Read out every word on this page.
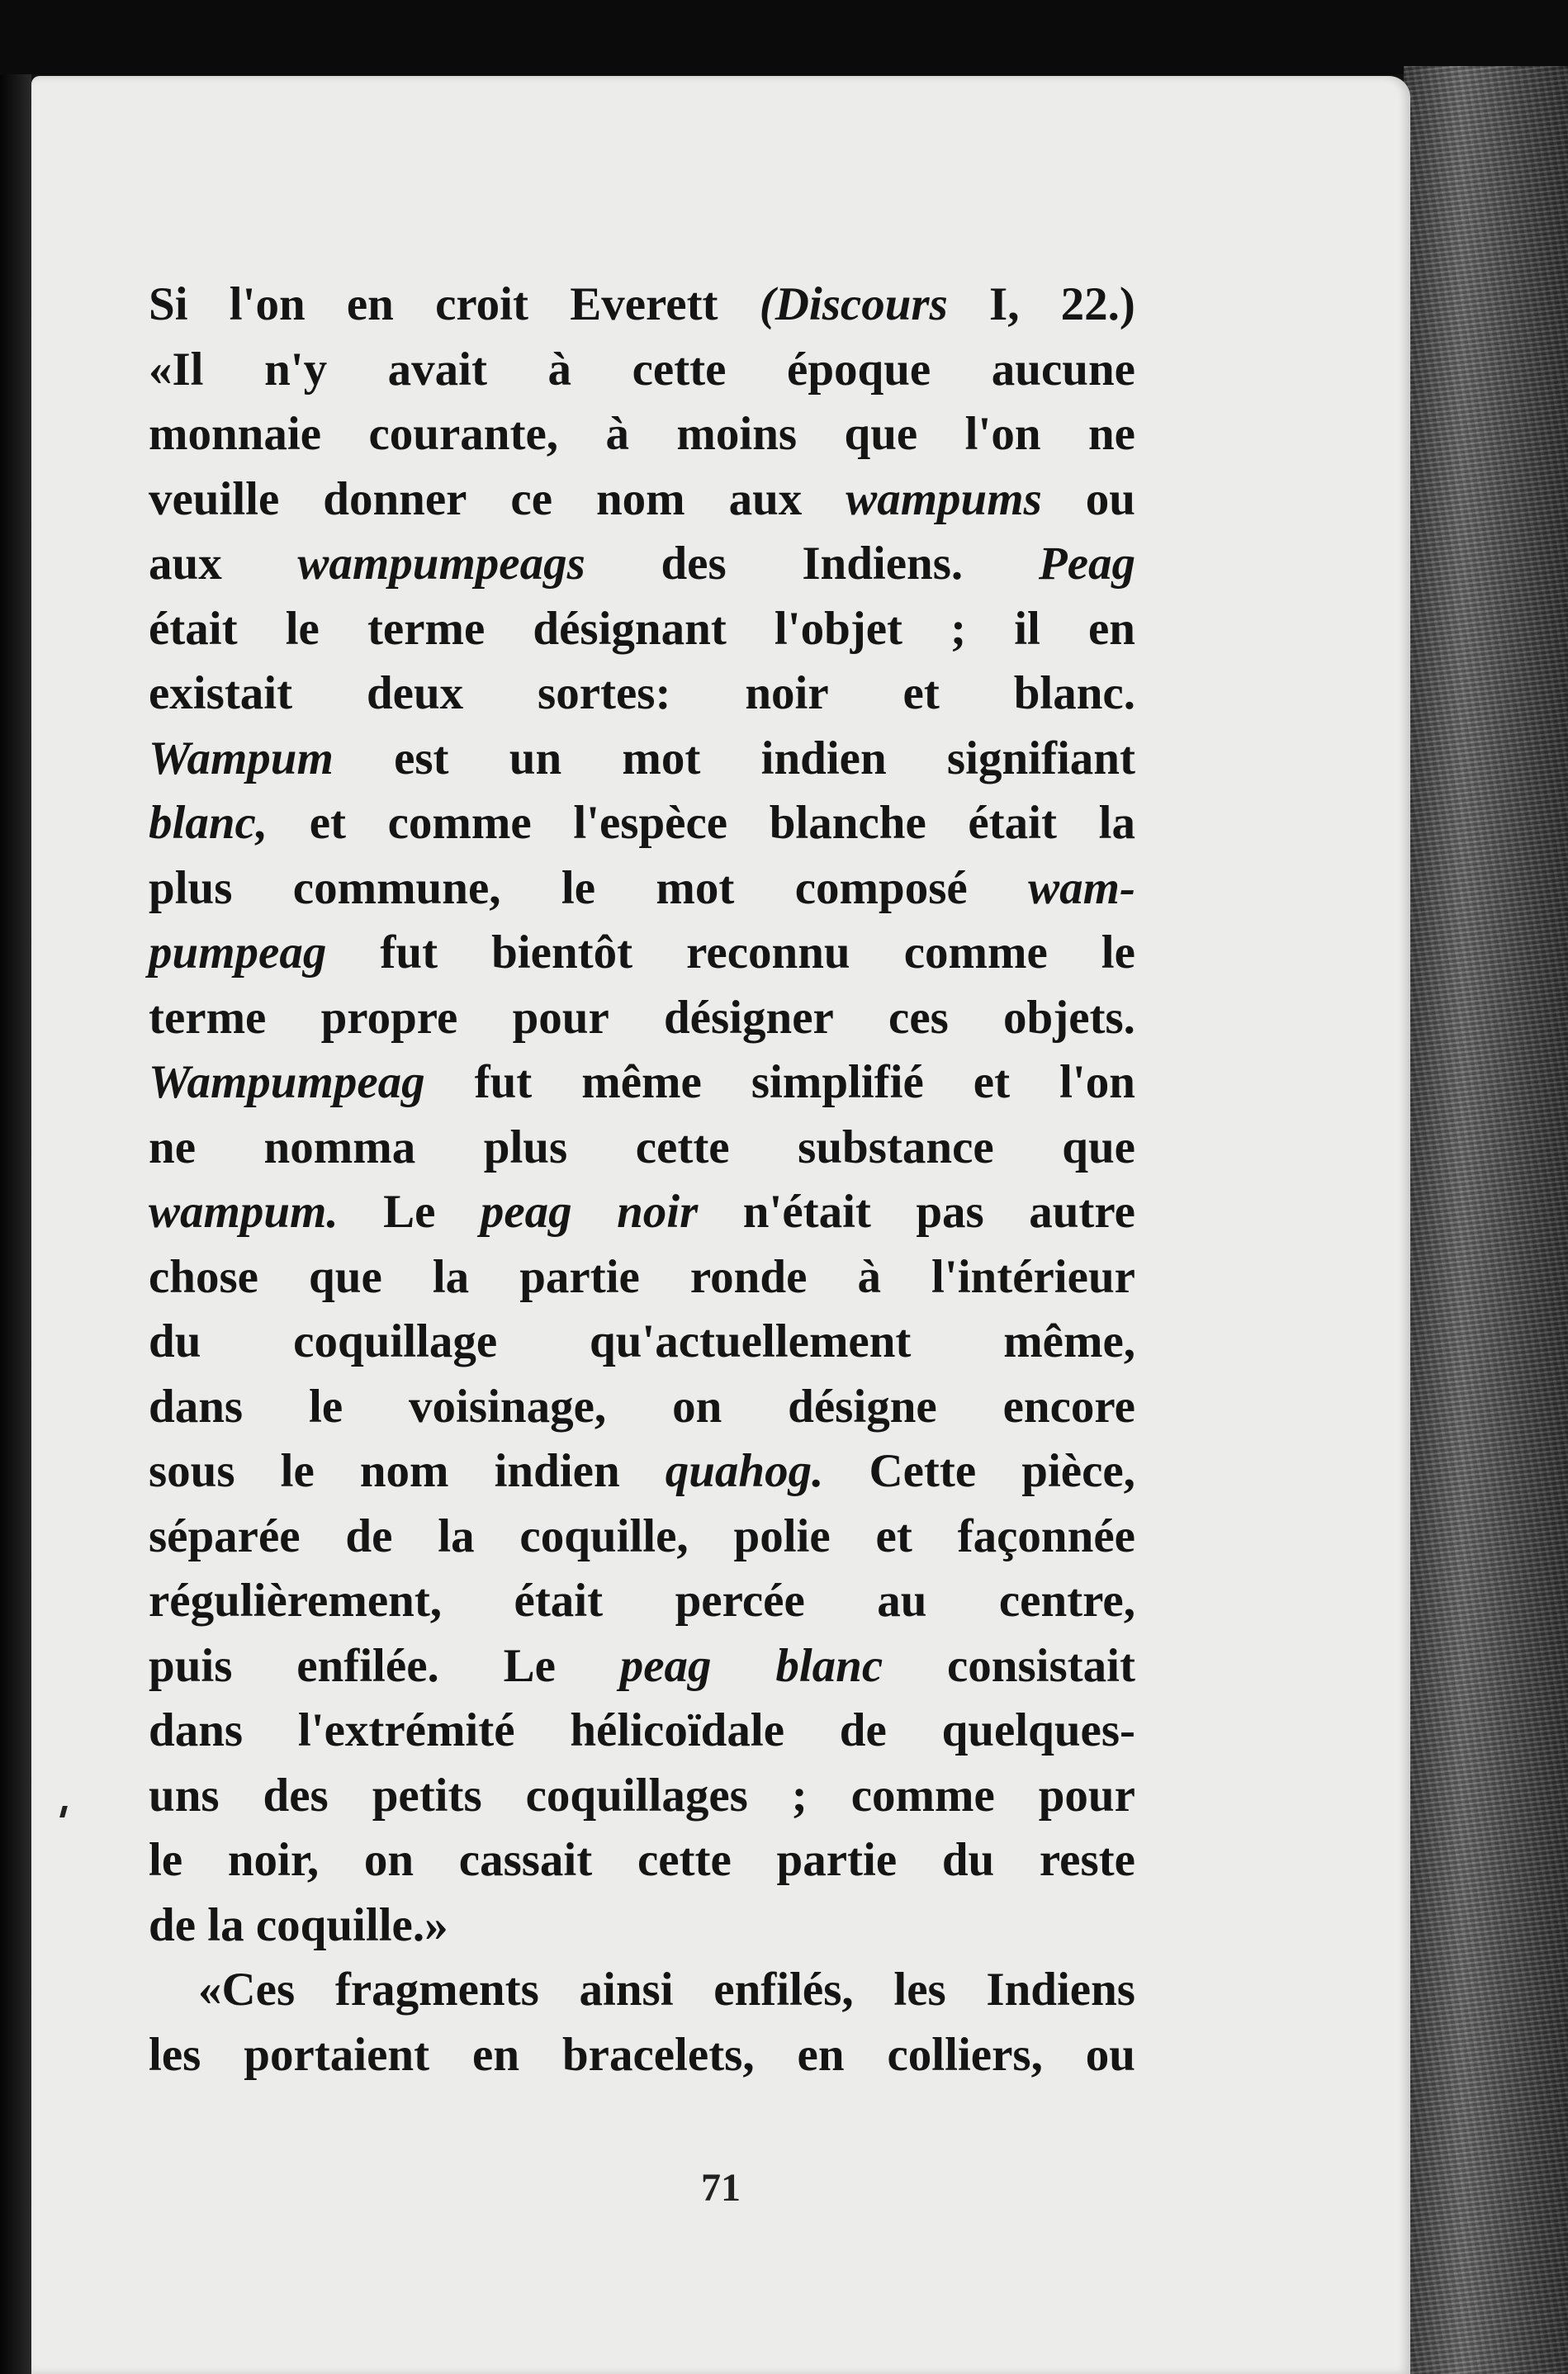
71
Si l'on en croit Everett (Discours I, 22.)
«Il n'y avait à cette époque aucune
monnaie courante, à moins que l'on ne
veuille donner ce nom aux wampums ou
aux wampumpeags des Indiens. Peag
était le terme désignant l'objet ; il en
existait deux sortes: noir et blanc.
Wampum est un mot indien signifiant
blanc, et comme l'espèce blanche était la
plus commune, le mot composé wam-
pumpeag fut bientôt reconnu comme le
terme propre pour désigner ces objets.
Wampumpeag fut même simplifié et l'on
ne nomma plus cette substance que
wampum. Le peag noir n'était pas autre
chose que la partie ronde à l'intérieur
du coquillage qu'actuellement même,
dans le voisinage, on désigne encore
sous le nom indien quahog. Cette pièce,
séparée de la coquille, polie et façonnée
régulièrement, était percée au centre,
puis enfilée. Le peag blanc consistait
dans l'extrémité hélicoïdale de quelques-
uns des petits coquillages ; comme pour
le noir, on cassait cette partie du reste
de la coquille.»
«Ces fragments ainsi enfilés, les Indiens
les portaient en bracelets, en colliers, ou
